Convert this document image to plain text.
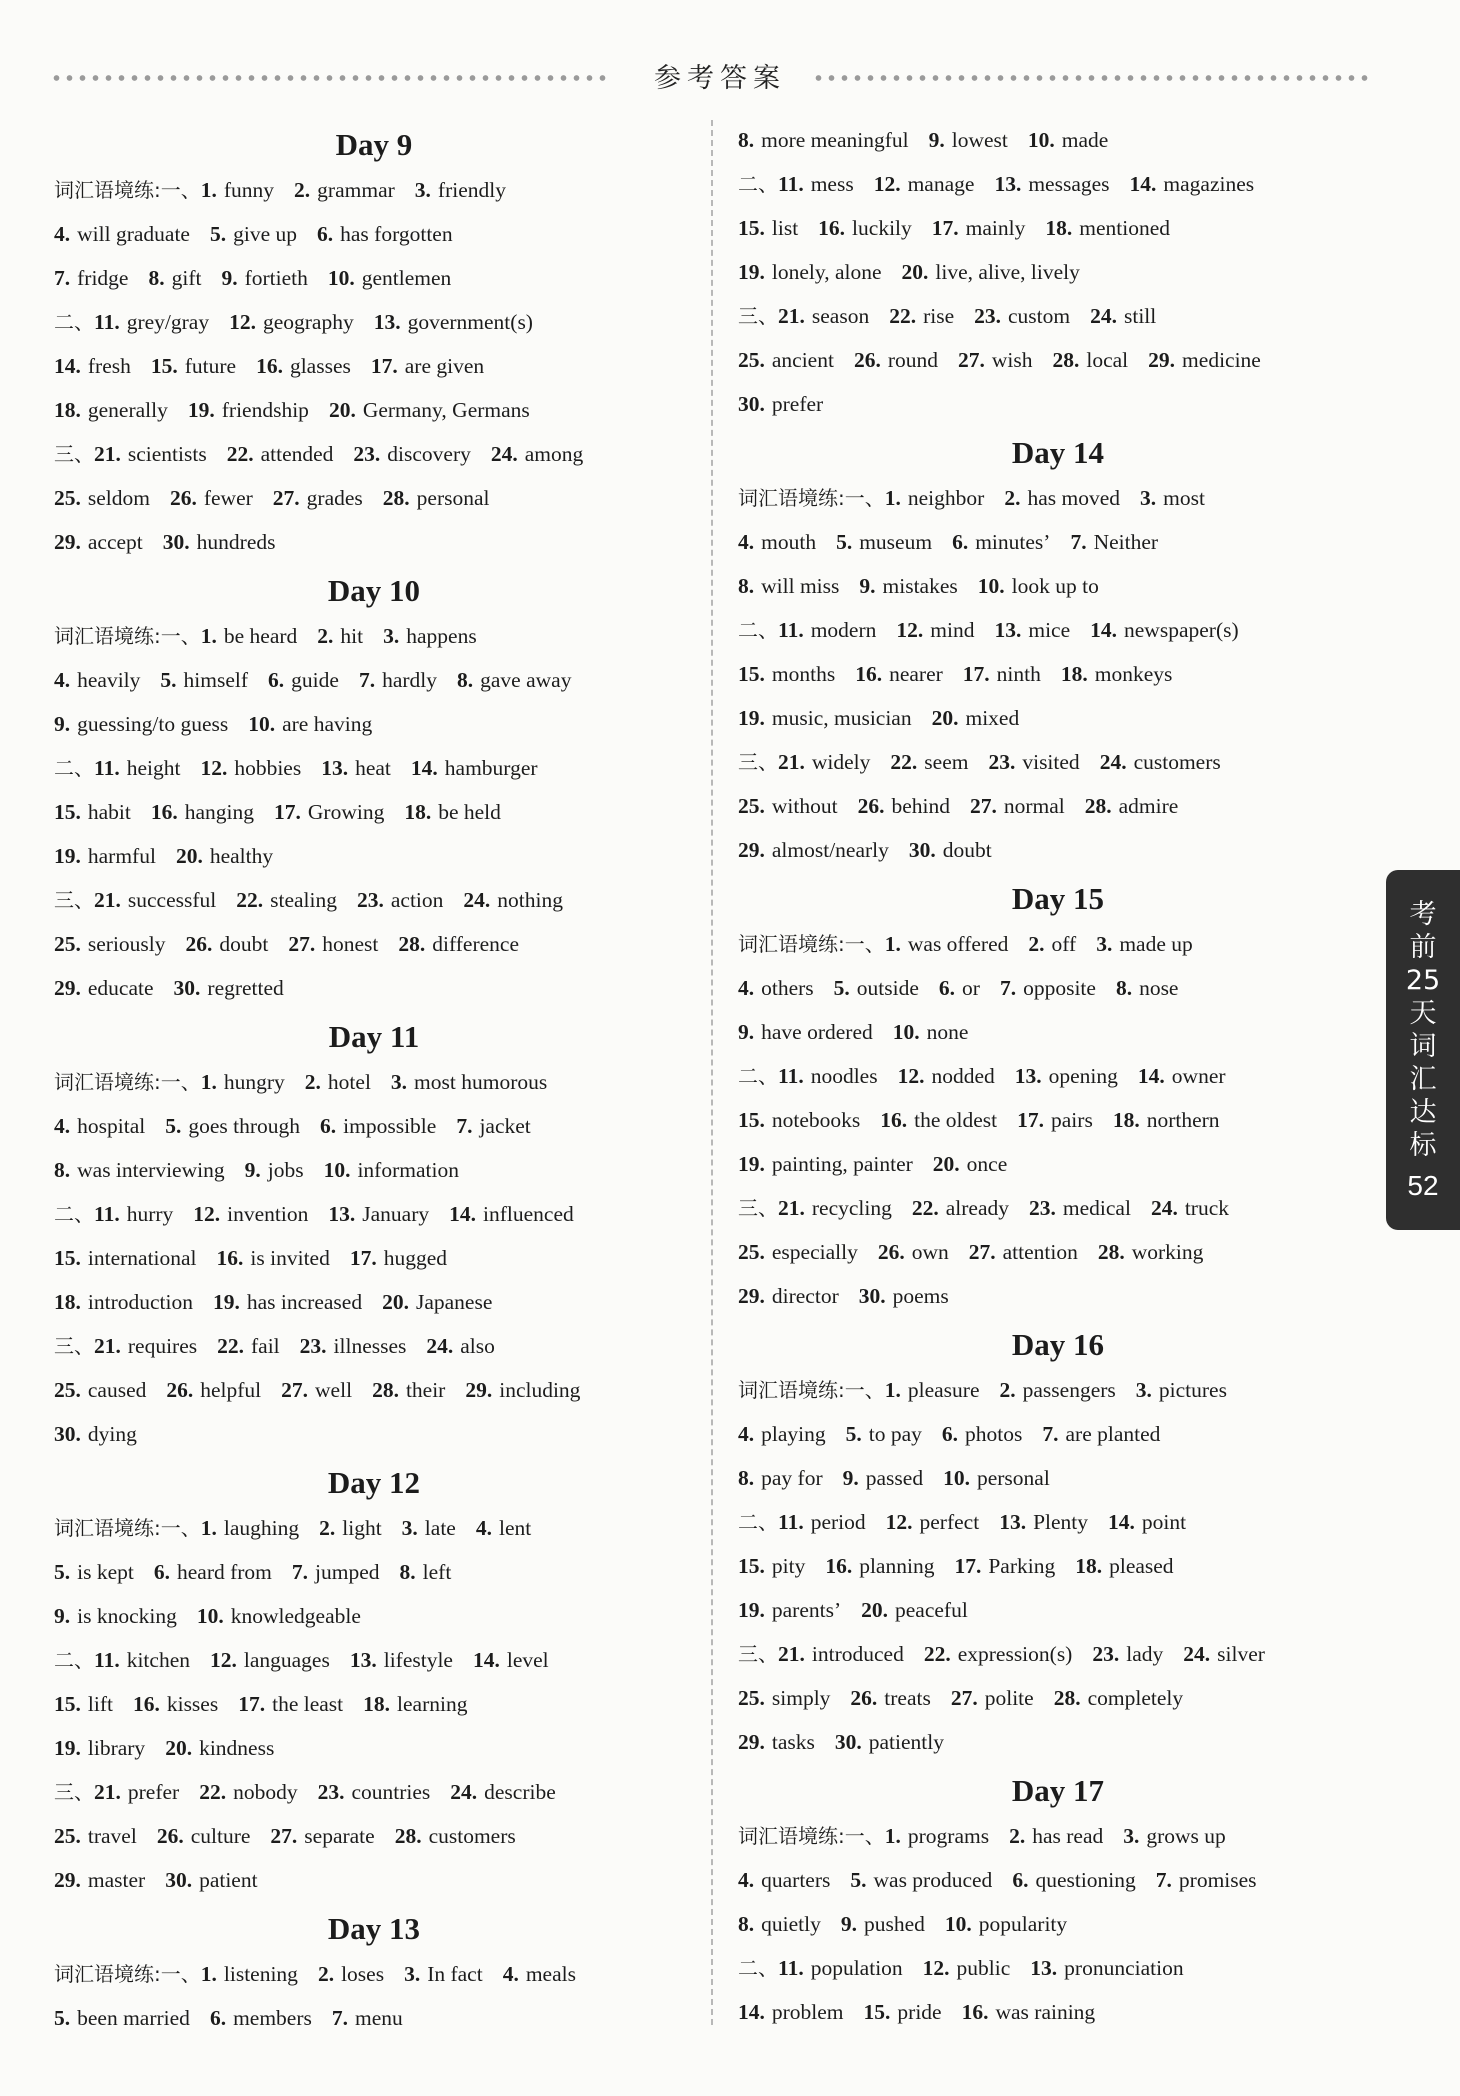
参考答案
Day 9
词汇语境练:一、1. funny 2. grammar 3. friendly
4. will graduate 5. give up 6. has forgotten
7. fridge 8. gift 9. fortieth 10. gentlemen
二、11. grey/gray 12. geography 13. government(s)
14. fresh 15. future 16. glasses 17. are given
18. generally 19. friendship 20. Germany, Germans
三、21. scientists 22. attended 23. discovery 24. among
25. seldom 26. fewer 27. grades 28. personal
29. accept 30. hundreds
Day 10
词汇语境练:一、1. be heard 2. hit 3. happens
4. heavily 5. himself 6. guide 7. hardly 8. gave away
9. guessing/to guess 10. are having
二、11. height 12. hobbies 13. heat 14. hamburger
15. habit 16. hanging 17. Growing 18. be held
19. harmful 20. healthy
三、21. successful 22. stealing 23. action 24. nothing
25. seriously 26. doubt 27. honest 28. difference
29. educate 30. regretted
Day 11
词汇语境练:一、1. hungry 2. hotel 3. most humorous
4. hospital 5. goes through 6. impossible 7. jacket
8. was interviewing 9. jobs 10. information
二、11. hurry 12. invention 13. January 14. influenced
15. international 16. is invited 17. hugged
18. introduction 19. has increased 20. Japanese
三、21. requires 22. fail 23. illnesses 24. also
25. caused 26. helpful 27. well 28. their 29. including
30. dying
Day 12
词汇语境练:一、1. laughing 2. light 3. late 4. lent
5. is kept 6. heard from 7. jumped 8. left
9. is knocking 10. knowledgeable
二、11. kitchen 12. languages 13. lifestyle 14. level
15. lift 16. kisses 17. the least 18. learning
19. library 20. kindness
三、21. prefer 22. nobody 23. countries 24. describe
25. travel 26. culture 27. separate 28. customers
29. master 30. patient
Day 13
词汇语境练:一、1. listening 2. loses 3. In fact 4. meals
5. been married 6. members 7. menu
8. more meaningful 9. lowest 10. made
二、11. mess 12. manage 13. messages 14. magazines
15. list 16. luckily 17. mainly 18. mentioned
19. lonely, alone 20. live, alive, lively
三、21. season 22. rise 23. custom 24. still
25. ancient 26. round 27. wish 28. local 29. medicine
30. prefer
Day 14
词汇语境练:一、1. neighbor 2. has moved 3. most
4. mouth 5. museum 6. minutes’ 7. Neither
8. will miss 9. mistakes 10. look up to
二、11. modern 12. mind 13. mice 14. newspaper(s)
15. months 16. nearer 17. ninth 18. monkeys
19. music, musician 20. mixed
三、21. widely 22. seem 23. visited 24. customers
25. without 26. behind 27. normal 28. admire
29. almost/nearly 30. doubt
Day 15
词汇语境练:一、1. was offered 2. off 3. made up
4. others 5. outside 6. or 7. opposite 8. nose
9. have ordered 10. none
二、11. noodles 12. nodded 13. opening 14. owner
15. notebooks 16. the oldest 17. pairs 18. northern
19. painting, painter 20. once
三、21. recycling 22. already 23. medical 24. truck
25. especially 26. own 27. attention 28. working
29. director 30. poems
Day 16
词汇语境练:一、1. pleasure 2. passengers 3. pictures
4. playing 5. to pay 6. photos 7. are planted
8. pay for 9. passed 10. personal
二、11. period 12. perfect 13. Plenty 14. point
15. pity 16. planning 17. Parking 18. pleased
19. parents’ 20. peaceful
三、21. introduced 22. expression(s) 23. lady 24. silver
25. simply 26. treats 27. polite 28. completely
29. tasks 30. patiently
Day 17
词汇语境练:一、1. programs 2. has read 3. grows up
4. quarters 5. was produced 6. questioning 7. promises
8. quietly 9. pushed 10. popularity
二、11. population 12. public 13. pronunciation
14. problem 15. pride 16. was raining
考
前
25
天
词
汇
达
标
52
